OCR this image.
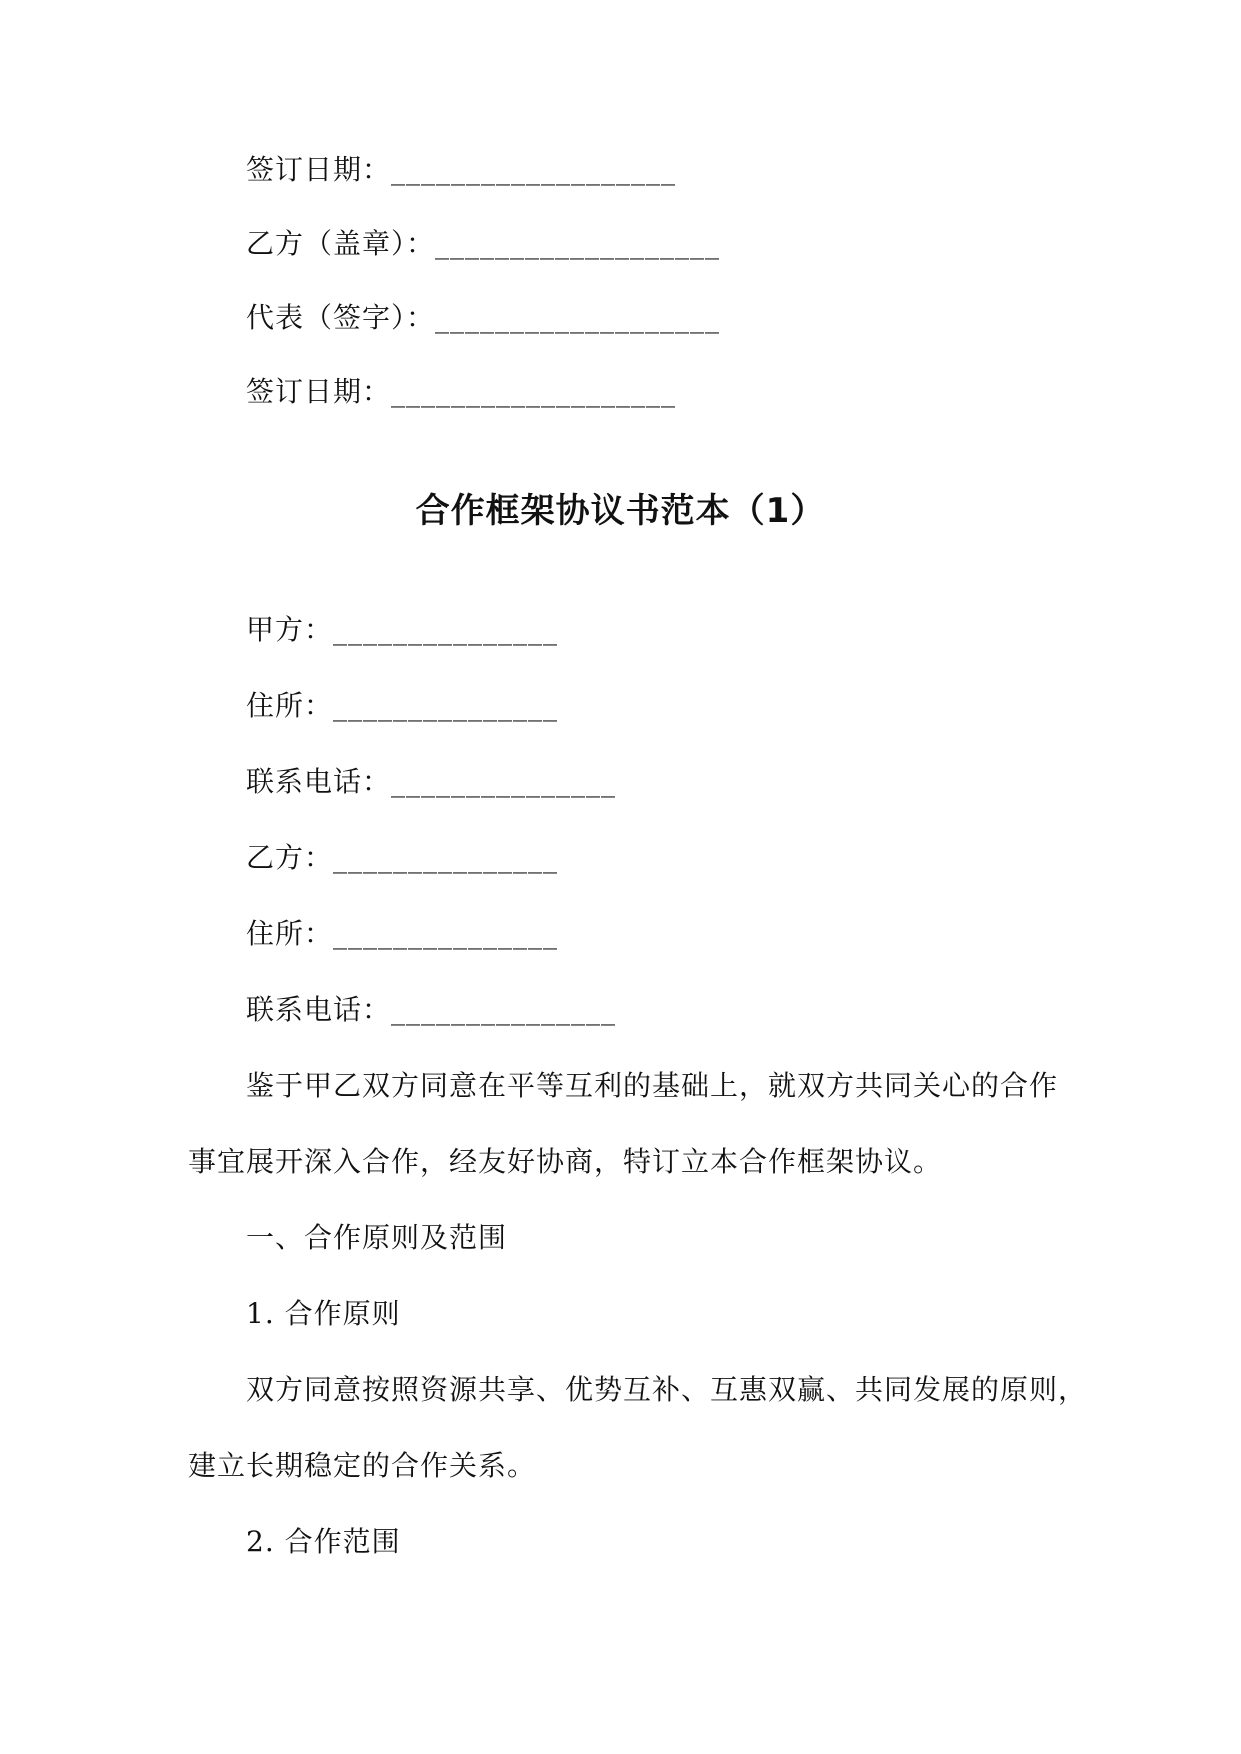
签订日期：___________________
乙方（盖章）：___________________
代表（签字）：___________________
签订日期：___________________
合作框架协议书范本（1）
甲方：_______________
住所：_______________
联系电话：_______________
乙方：_______________
住所：_______________
联系电话：_______________
鉴于甲乙双方同意在平等互利的基础上，就双方共同关心的合作
事宜展开深入合作，经友好协商，特订立本合作框架协议。
一、合作原则及范围
1. 合作原则
双方同意按照资源共享、优势互补、互惠双赢、共同发展的原则，
建立长期稳定的合作关系。
2. 合作范围
